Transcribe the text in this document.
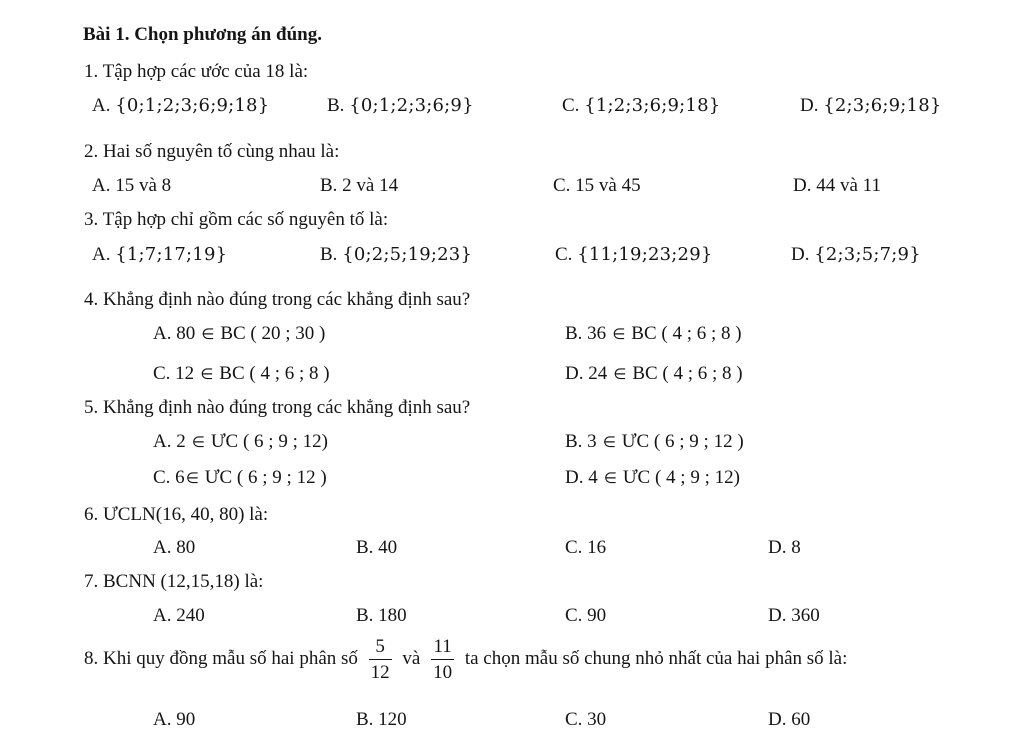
Bài 1. Chọn phương án đúng.
1. Tập hợp các ước của 18 là:
A. {0;1;2;3;6;9;18}	B. {0;1;2;3;6;9}	C. {1;2;3;6;9;18}	D. {2;3;6;9;18}
2. Hai số nguyên tố cùng nhau là:
A. 15 và 8	B. 2 và 14	C. 15 và 45	D. 44 và 11
3. Tập hợp chỉ gồm các số nguyên tố là:
A. {1;7;17;19}	B. {0;2;5;19;23}	C. {11;19;23;29}	D. {2;3;5;7;9}
4. Khẳng định nào đúng trong các khẳng định sau?
A. 80 ∈ BC ( 20 ; 30 )	B. 36 ∈ BC ( 4 ; 6 ; 8 )
C. 12 ∈ BC ( 4 ; 6 ; 8 )	D. 24 ∈ BC ( 4 ; 6 ; 8 )
5. Khẳng định nào đúng trong các khẳng định sau?
A. 2 ∈ ƯC ( 6 ; 9 ; 12)	B. 3 ∈ ƯC ( 6 ; 9 ; 12 )
C. 6∈ ƯC ( 6 ; 9 ; 12 )	D. 4 ∈ ƯC ( 4 ; 9 ; 12)
6. ƯCLN(16, 40, 80) là:
A. 80	B. 40	C. 16	D. 8
7. BCNN (12,15,18) là:
A. 240	B. 180	C. 90	D. 360
8. Khi quy đồng mẫu số hai phân số $\frac{5}{12}$ và $\frac{11}{10}$ ta chọn mẫu số chung nhỏ nhất của hai phân số là:
A. 90	B. 120	C. 30	D. 60
